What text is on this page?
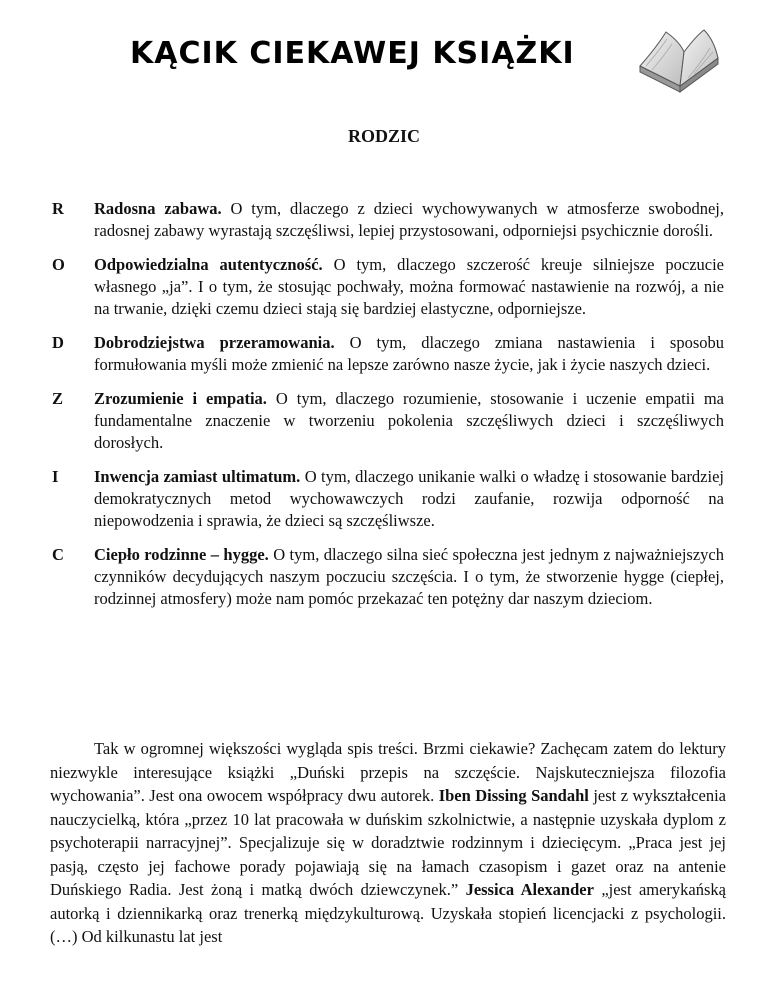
KĄCIK CIEKAWEJ KSIĄŻKI
RODZIC
R Radosna zabawa. O tym, dlaczego z dzieci wychowywanych w atmosferze swobodnej, radosnej zabawy wyrastają szczęśliwsi, lepiej przystosowani, odporniejsi psychicznie dorośli.
O Odpowiedzialna autentyczność. O tym, dlaczego szczerość kreuje silniejsze poczucie własnego „ja”. I o tym, że stosując pochwały, można formować nastawienie na rozwój, a nie na trwanie, dzięki czemu dzieci stają się bardziej elastyczne, odporniejsze.
D Dobrodziejstwa przeramowania. O tym, dlaczego zmiana nastawienia i sposobu formułowania myśli może zmienić na lepsze zarówno nasze życie, jak i życie naszych dzieci.
Z Zrozumienie i empatia. O tym, dlaczego rozumienie, stosowanie i uczenie empatii ma fundamentalne znaczenie w tworzeniu pokolenia szczęśliwych dzieci i szczęśliwych dorosłych.
I Inwencja zamiast ultimatum. O tym, dlaczego unikanie walki o władzę i stosowanie bardziej demokratycznych metod wychowawczych rodzi zaufanie, rozwija odporność na niepowodzenia i sprawia, że dzieci są szczęśliwsze.
C Ciepło rodzinne – hygge. O tym, dlaczego silna sieć społeczna jest jednym z najważniejszych czynników decydujących naszym poczuciu szczęścia. I o tym, że stworzenie hygge (ciepłej, rodzinnej atmosfery) może nam pomóc przekazać ten potężny dar naszym dzieciom.
Tak w ogromnej większości wygląda spis treści. Brzmi ciekawie? Zachęcam zatem do lektury niezwykle interesujące książki „Duński przepis na szczęście. Najskuteczniejsza filozofia wychowania”. Jest ona owocem współpracy dwu autorek. Iben Dissing Sandahl jest z wykształcenia nauczycielką, która „przez 10 lat pracowała w duńskim szkolnictwie, a następnie uzyskała dyplom z psychoterapii narracyjnej”. Specjalizuje się w doradztwie rodzinnym i dziecięcym. „Praca jest jej pasją, często jej fachowe porady pojawiają się na łamach czasopism i gazet oraz na antenie Duńskiego Radia. Jest żoną i matką dwóch dziewczynek.” Jessica Alexander „jest amerykańską autorką i dziennikarką oraz trenerką międzykulturową. Uzyskała stopień licencjacki z psychologii.(…) Od kilkunastu lat jest
